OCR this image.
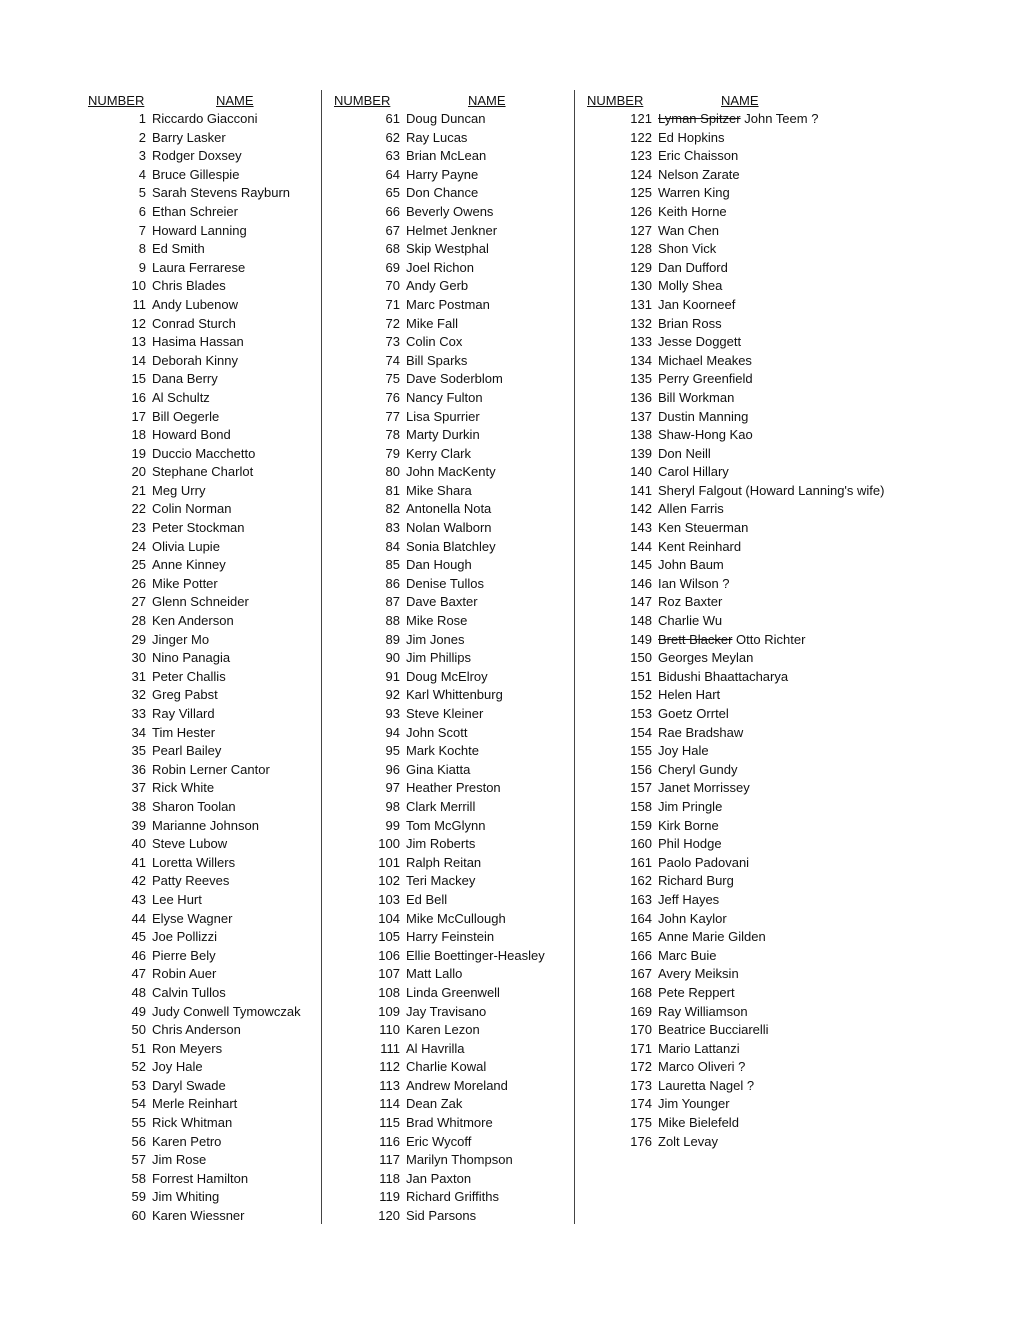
NUMBER	NAME
1 Riccardo Giacconi
2 Barry Lasker
3 Rodger Doxsey
4 Bruce Gillespie
5 Sarah Stevens Rayburn
6 Ethan Schreier
7 Howard Lanning
8 Ed Smith
9 Laura Ferrarese
10 Chris Blades
11 Andy Lubenow
12 Conrad Sturch
13 Hasima Hassan
14 Deborah Kinny
15 Dana Berry
16 Al Schultz
17 Bill Oegerle
18 Howard Bond
19 Duccio Macchetto
20 Stephane Charlot
21 Meg Urry
22 Colin Norman
23 Peter Stockman
24 Olivia Lupie
25 Anne Kinney
26 Mike Potter
27 Glenn Schneider
28 Ken Anderson
29 Jinger Mo
30 Nino Panagia
31 Peter Challis
32 Greg Pabst
33 Ray Villard
34 Tim Hester
35 Pearl Bailey
36 Robin Lerner Cantor
37 Rick White
38 Sharon Toolan
39 Marianne Johnson
40 Steve Lubow
41 Loretta Willers
42 Patty Reeves
43 Lee Hurt
44 Elyse Wagner
45 Joe Pollizzi
46 Pierre Bely
47 Robin Auer
48 Calvin Tullos
49 Judy Conwell Tymowczak
50 Chris Anderson
51 Ron Meyers
52 Joy Hale
53 Daryl Swade
54 Merle Reinhart
55 Rick Whitman
56 Karen Petro
57 Jim Rose
58 Forrest Hamilton
59 Jim Whiting
60 Karen Wiessner
NUMBER	NAME
61 Doug Duncan
62 Ray Lucas
63 Brian McLean
64 Harry Payne
65 Don Chance
66 Beverly Owens
67 Helmet Jenkner
68 Skip Westphal
69 Joel Richon
70 Andy Gerb
71 Marc Postman
72 Mike Fall
73 Colin Cox
74 Bill Sparks
75 Dave Soderblom
76 Nancy Fulton
77 Lisa Spurrier
78 Marty Durkin
79 Kerry Clark
80 John MacKenty
81 Mike Shara
82 Antonella Nota
83 Nolan Walborn
84 Sonia Blatchley
85 Dan Hough
86 Denise Tullos
87 Dave Baxter
88 Mike Rose
89 Jim Jones
90 Jim Phillips
91 Doug McElroy
92 Karl Whittenburg
93 Steve Kleiner
94 John Scott
95 Mark Kochte
96 Gina Kiatta
97 Heather Preston
98 Clark Merrill
99 Tom McGlynn
100 Jim Roberts
101 Ralph Reitan
102 Teri Mackey
103 Ed Bell
104 Mike McCullough
105 Harry Feinstein
106 Ellie Boettinger-Heasley
107 Matt Lallo
108 Linda Greenwell
109 Jay Travisano
110 Karen Lezon
111 Al Havrilla
112 Charlie Kowal
113 Andrew Moreland
114 Dean Zak
115 Brad Whitmore
116 Eric Wycoff
117 Marilyn Thompson
118 Jan Paxton
119 Richard Griffiths
120 Sid Parsons
NUMBER	NAME
121 Lyman Spitzer John Teem ?
122 Ed Hopkins
123 Eric Chaisson
124 Nelson Zarate
125 Warren King
126 Keith Horne
127 Wan Chen
128 Shon Vick
129 Dan Dufford
130 Molly Shea
131 Jan Koorneef
132 Brian Ross
133 Jesse Doggett
134 Michael Meakes
135 Perry Greenfield
136 Bill Workman
137 Dustin Manning
138 Shaw-Hong Kao
139 Don Neill
140 Carol Hillary
141 Sheryl Falgout (Howard Lanning's wife)
142 Allen Farris
143 Ken Steuerman
144 Kent Reinhard
145 John Baum
146 Ian Wilson ?
147 Roz Baxter
148 Charlie Wu
149 Brett Blacker Otto Richter
150 Georges Meylan
151 Bidushi Bhaattacharya
152 Helen Hart
153 Goetz Orrtel
154 Rae Bradshaw
155 Joy Hale
156 Cheryl Gundy
157 Janet Morrissey
158 Jim Pringle
159 Kirk Borne
160 Phil Hodge
161 Paolo Padovani
162 Richard Burg
163 Jeff Hayes
164 John Kaylor
165 Anne Marie Gilden
166 Marc Buie
167 Avery Meiksin
168 Pete Reppert
169 Ray Williamson
170 Beatrice Bucciarelli
171 Mario Lattanzi
172 Marco Oliveri ?
173 Lauretta Nagel ?
174 Jim Younger
175 Mike Bielefeld
176 Zolt Levay
